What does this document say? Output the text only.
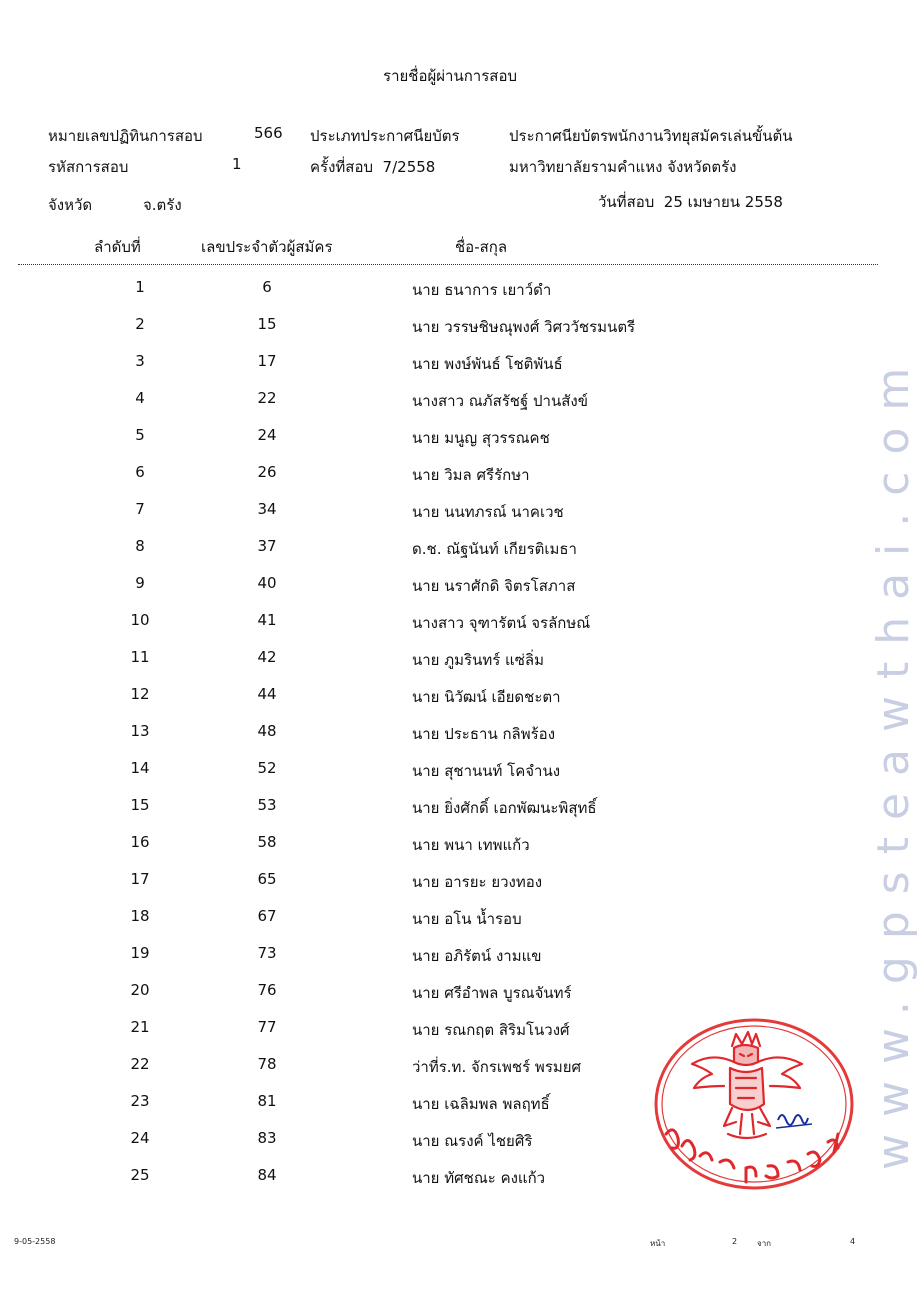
รายชื่อผู้ผ่านการสอบ
หมายเลขปฏิทินการสอบ	566 ประเภทประกาศนียบัตร	ประกาศนียบัตรพนักงานวิทยุสมัครเล่นขั้นต้น
รหัสการสอบ	1	ครั้งที่สอบ 7/2558	มหาวิทยาลัยรามคำแหง จังหวัดตรัง
จังหวัด	จ.ตรัง	วันที่สอบ 25 เมษายน 2558
ลำดับที่	เลขประจำตัวผู้สมัคร	ชื่อ-สกุล
1	6	นาย ธนาการ เยาว์ดำ
2	15	นาย วรรษชิษณุพงศ์ วิศววัชรมนตรี
3	17	นาย พงษ์พันธ์ โชติพันธ์
4	22	นางสาว ณภัสรัชฐ์ ปานสังข์
5	24	นาย มนูญ สุวรรณคช
6	26	นาย วิมล ศรีรักษา
7	34	นาย นนทภรณ์ นาคเวช
8	37	ด.ช. ณัฐนันท์ เกียรติเมธา
9	40	นาย นราศักดิ จิตรโสภาส
10	41	นางสาว จุฑารัตน์ จรลักษณ์
11	42	นาย ภูมรินทร์ แซ่ลิ่ม
12	44	นาย นิวัฒน์ เอียดชะตา
13	48	นาย ประธาน กลิพร้อง
14	52	นาย สุชานนท์ โคจำนง
15	53	นาย ยิ่งศักดิ์ เอกพัฒนะพิสุทธิ์
16	58	นาย พนา เทพแก้ว
17	65	นาย อารยะ ยวงทอง
18	67	นาย อโน น้ำรอบ
19	73	นาย อภิรัตน์ งามแข
20	76	นาย ศรีอำพล บูรณจันทร์
21	77	นาย รณกฤต สิริมโนวงศ์
22	78	ว่าที่ร.ท. จักรเพชร์ พรมยศ
23	81	นาย เฉลิมพล พลฤทธิ์
24	83	นาย ณรงค์ ไชยศิริ
25	84	นาย ทัศชณะ คงแก้ว
www.gpsteawthai.com
9-05-2558	หน้า	2 จาก	4
